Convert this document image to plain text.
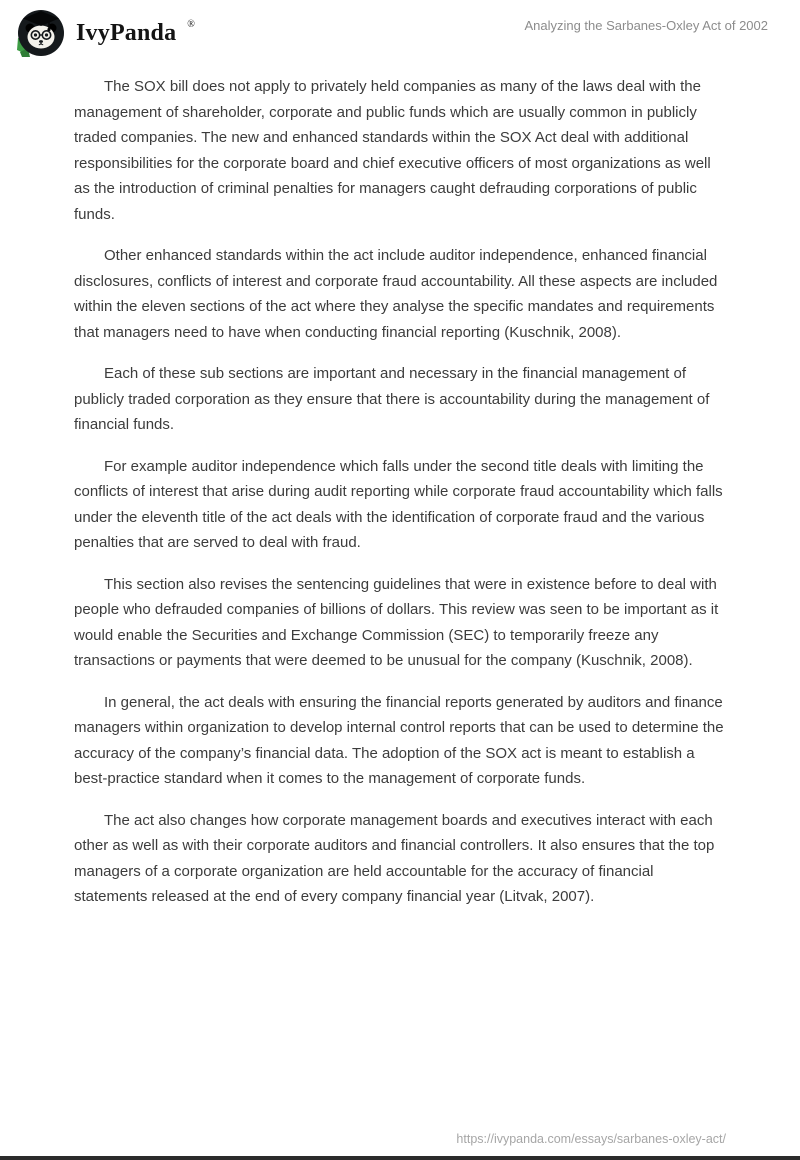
IvyPanda ®	Analyzing the Sarbanes-Oxley Act of 2002

The SOX bill does not apply to privately held companies as many of the laws deal with the management of shareholder, corporate and public funds which are usually common in publicly traded companies. The new and enhanced standards within the SOX Act deal with additional responsibilities for the corporate board and chief executive officers of most organizations as well as the introduction of criminal penalties for managers caught defrauding corporations of public funds.

Other enhanced standards within the act include auditor independence, enhanced financial disclosures, conflicts of interest and corporate fraud accountability. All these aspects are included within the eleven sections of the act where they analyse the specific mandates and requirements that managers need to have when conducting financial reporting (Kuschnik, 2008).

Each of these sub sections are important and necessary in the financial management of publicly traded corporation as they ensure that there is accountability during the management of financial funds.

For example auditor independence which falls under the second title deals with limiting the conflicts of interest that arise during audit reporting while corporate fraud accountability which falls under the eleventh title of the act deals with the identification of corporate fraud and the various penalties that are served to deal with fraud.

This section also revises the sentencing guidelines that were in existence before to deal with people who defrauded companies of billions of dollars. This review was seen to be important as it would enable the Securities and Exchange Commission (SEC) to temporarily freeze any transactions or payments that were deemed to be unusual for the company (Kuschnik, 2008).

In general, the act deals with ensuring the financial reports generated by auditors and finance managers within organization to develop internal control reports that can be used to determine the accuracy of the company’s financial data. The adoption of the SOX act is meant to establish a best-practice standard when it comes to the management of corporate funds.

The act also changes how corporate management boards and executives interact with each other as well as with their corporate auditors and financial controllers. It also ensures that the top managers of a corporate organization are held accountable for the accuracy of financial statements released at the end of every company financial year (Litvak, 2007).

https://ivypanda.com/essays/sarbanes-oxley-act/
